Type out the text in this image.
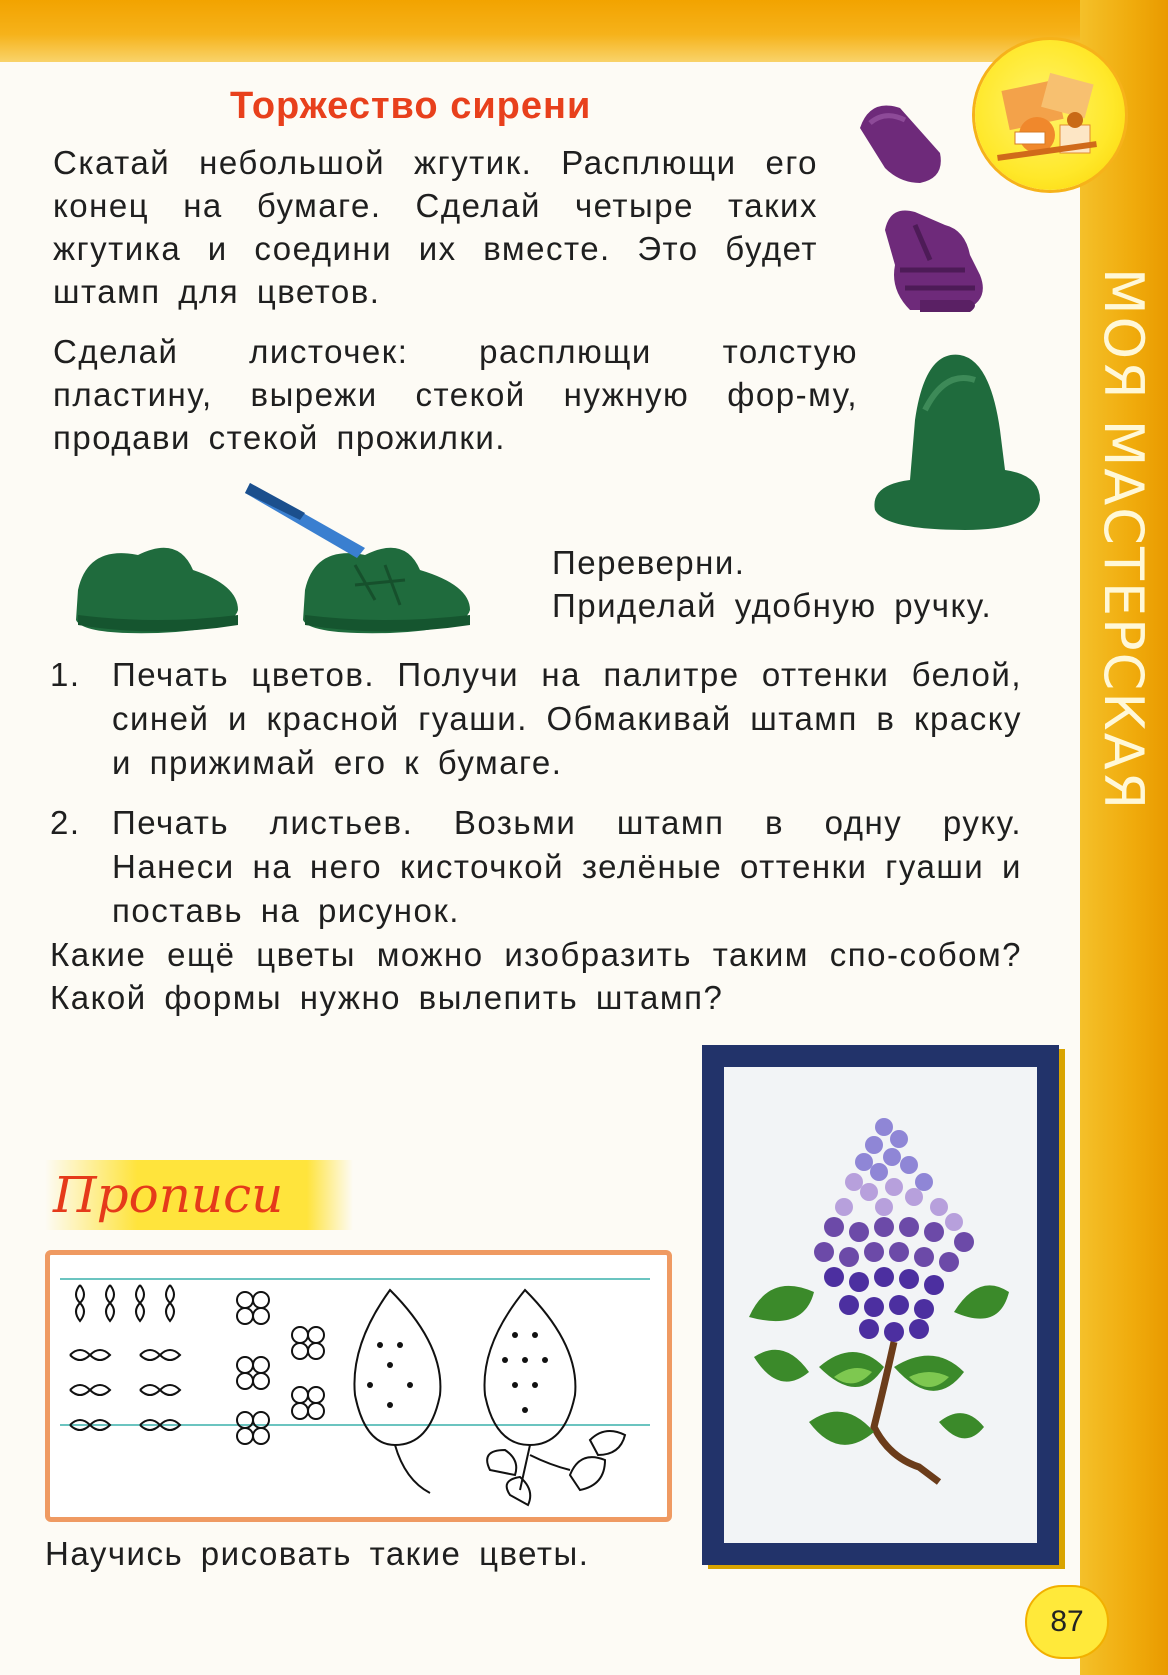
МОЯ МАСТЕРСКАЯ
87
Торжество сирени

Скатай небольшой жгутик. Расплющи его конец на бумаге. Сделай четыре таких жгутика и соедини их вместе. Это будет штамп для цветов.

Сделай листочек: расплющи толстую пластину, вырежи стекой нужную фор-му, продави стекой прожилки.

Переверни.
Приделай удобную ручку.
1. Печать цветов. Получи на палитре оттенки белой, синей и красной гуаши. Обмакивай штамп в краску и прижимай его к бумаге.
2. Печать листьев. Возьми штамп в одну руку. Нанеси на него кисточкой зелёные оттенки гуаши и поставь на рисунок.

Какие ещё цветы можно изобразить таким спо-собом? Какой формы нужно вылепить штамп?

Прописи

Научись рисовать такие цветы.
